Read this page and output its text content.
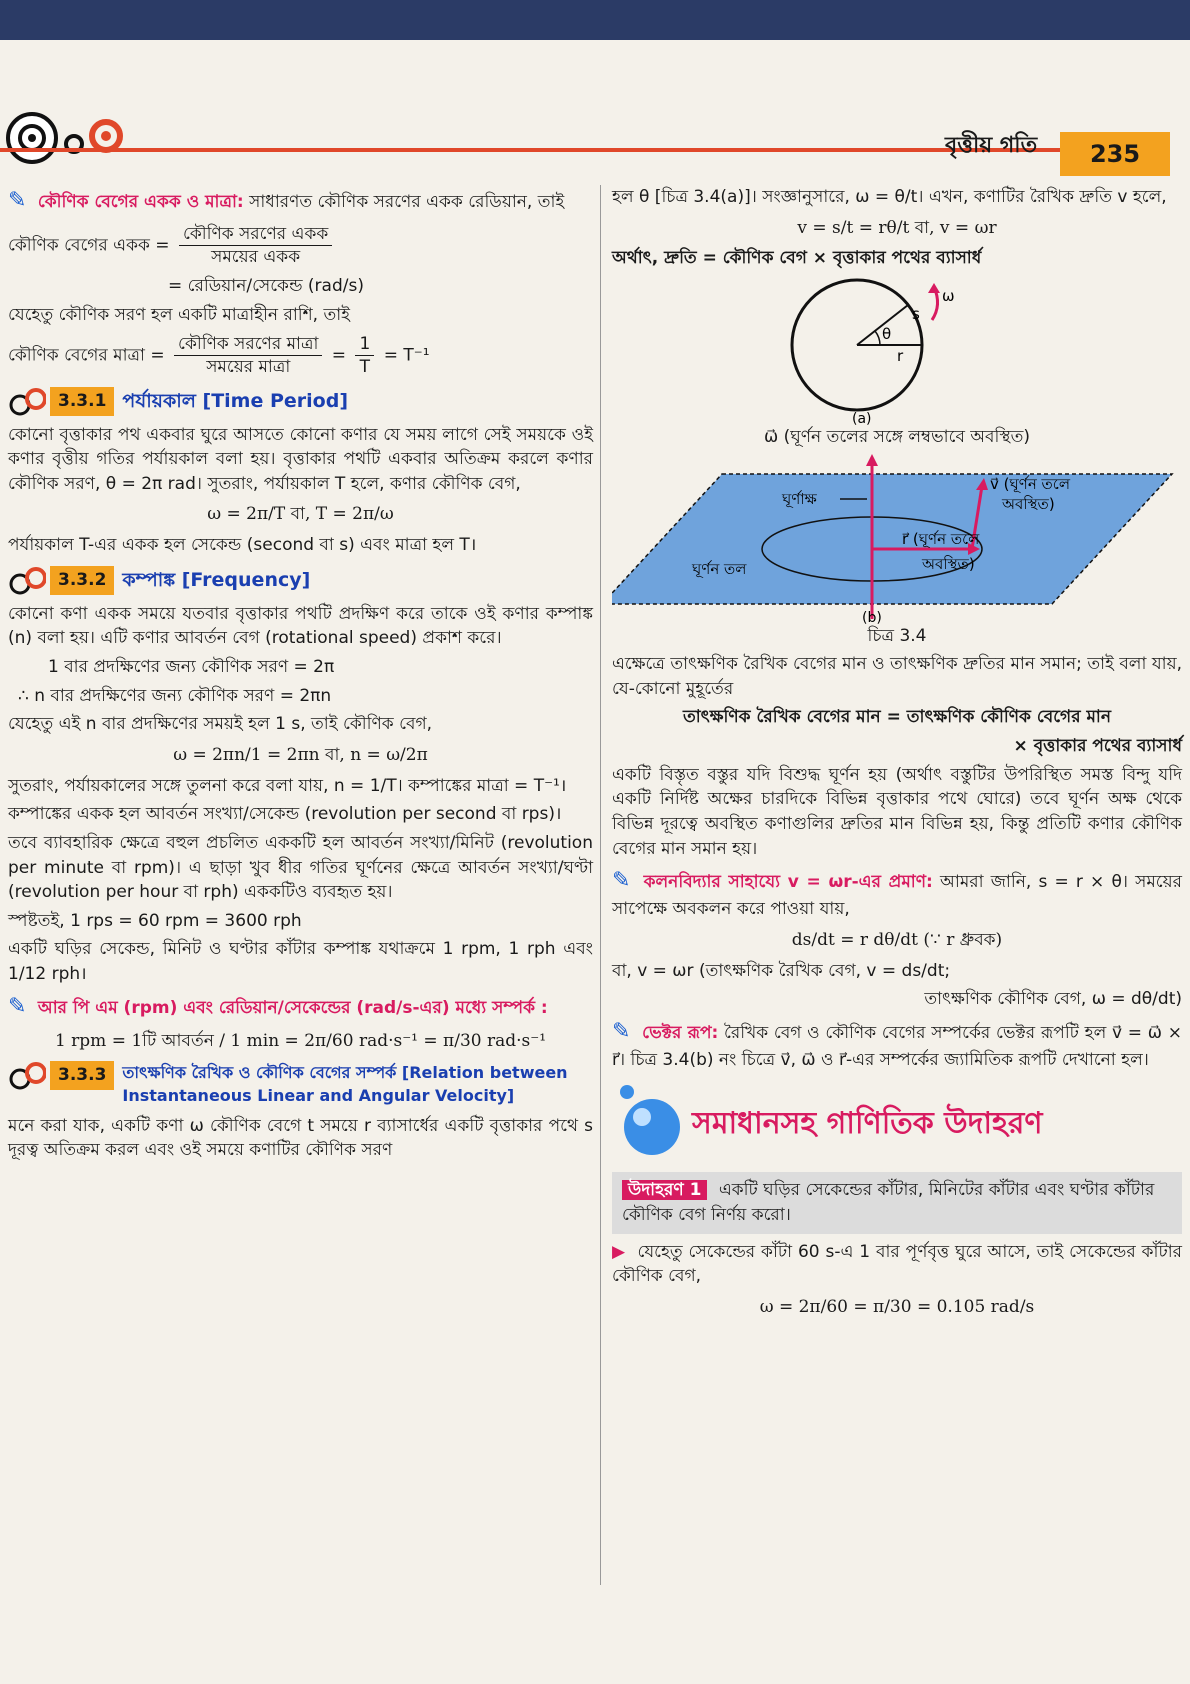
বৃত্তীয় গতি	235

✎ কৌণিক বেগের একক ও মাত্রা: সাধারণত কৌণিক সরণের একক রেডিয়ান, তাই

কৌণিক বেগের একক = $\frac{\text{কৌণিক সরণের একক}}{\text{সময়ের একক}}$

= রেডিয়ান/সেকেন্ড (rad/s)

যেহেতু কৌণিক সরণ হল একটি মাত্রাহীন রাশি, তাই

কৌণিক বেগের মাত্রা = $\frac{\text{কৌণিক সরণের মাত্রা}}{\text{সময়ের মাত্রা}} = \frac{1}{T} = T^{-1}$
3.3.1 পর্যায়কাল [Time Period]

কোনো বৃত্তাকার পথ একবার ঘুরে আসতে কোনো কণার যে সময় লাগে সেই সময়কে ওই কণার বৃত্তীয় গতির পর্যায়কাল বলা হয়। বৃত্তাকার পথটি একবার অতিক্রম করলে কণার কৌণিক সরণ, θ = 2π rad। সুতরাং, পর্যায়কাল T হলে, কণার কৌণিক বেগ,

ω = 2π/T বা, T = 2π/ω

পর্যায়কাল T-এর একক হল সেকেন্ড (second বা s) এবং মাত্রা হল T।

3.3.2 কম্পাঙ্ক [Frequency]

কোনো কণা একক সময়ে যতবার বৃত্তাকার পথটি প্রদক্ষিণ করে তাকে ওই কণার কম্পাঙ্ক (n) বলা হয়। এটি কণার আবর্তন বেগ (rotational speed) প্রকাশ করে।

1 বার প্রদক্ষিণের জন্য কৌণিক সরণ = 2π

∴ n বার প্রদক্ষিণের জন্য কৌণিক সরণ = 2πn

যেহেতু এই n বার প্রদক্ষিণের সময়ই হল 1 s, তাই কৌণিক বেগ,

ω = 2πn/1 = 2πn বা, n = ω/2π

সুতরাং, পর্যায়কালের সঙ্গে তুলনা করে বলা যায়, n = 1/T। কম্পাঙ্কের মাত্রা = T⁻¹।

কম্পাঙ্কের একক হল আবর্তন সংখ্যা/সেকেন্ড (revolution per second বা rps)।

তবে ব্যাবহারিক ক্ষেত্রে বহুল প্রচলিত এককটি হল আবর্তন সংখ্যা/মিনিট (revolution per minute বা rpm)। এ ছাড়া খুব ধীর গতির ঘূর্ণনের ক্ষেত্রে আবর্তন সংখ্যা/ঘণ্টা (revolution per hour বা rph) এককটিও ব্যবহৃত হয়।

স্পষ্টতই, 1 rps = 60 rpm = 3600 rph

একটি ঘড়ির সেকেন্ড, মিনিট ও ঘণ্টার কাঁটার কম্পাঙ্ক যথাক্রমে 1 rpm, 1 rph এবং 1/12 rph।

✎ আর পি এম (rpm) এবং রেডিয়ান/সেকেন্ডের (rad/s-এর) মধ্যে সম্পর্ক :

1 rpm = 1টি আবর্তন / 1 min = 2π/60 rad·s⁻¹ = π/30 rad·s⁻¹

3.3.3	তাৎক্ষণিক রৈখিক ও কৌণিক বেগের সম্পর্ক [Relation between Instantaneous Linear and Angular Velocity]

মনে করা যাক, একটি কণা ω কৌণিক বেগে t সময়ে r ব্যাসার্ধের একটি বৃত্তাকার পথে s দূরত্ব অতিক্রম করল এবং ওই সময়ে কণাটির কৌণিক সরণ

হল θ [চিত্র 3.4(a)]। সংজ্ঞানুসারে, ω = θ/t। এখন, কণাটির রৈখিক দ্রুতি v হলে,

v = s/t = rθ/t বা, v = ωr

অর্থাৎ, দ্রুতি = কৌণিক বেগ × বৃত্তাকার পথের ব্যাসার্ধ

θ
s
r
ω
(a)

ω⃗ (ঘূর্ণন তলের সঙ্গে লম্বভাবে অবস্থিত)

ঘূর্ণাক্ষ
v⃗ (ঘূর্ণন তলে
অবস্থিত)
r⃗ (ঘূর্ণন তলে
অবস্থিত)
ঘূর্ণন তল
(b)

চিত্র 3.4

এক্ষেত্রে তাৎক্ষণিক রৈখিক বেগের মান ও তাৎক্ষণিক দ্রুতির মান সমান; তাই বলা যায়, যে-কোনো মুহূর্তের

তাৎক্ষণিক রৈখিক বেগের মান = তাৎক্ষণিক কৌণিক বেগের মান

× বৃত্তাকার পথের ব্যাসার্ধ

একটি বিস্তৃত বস্তুর যদি বিশুদ্ধ ঘূর্ণন হয় (অর্থাৎ বস্তুটির উপরিস্থিত সমস্ত বিন্দু যদি একটি নির্দিষ্ট অক্ষের চারদিকে বিভিন্ন বৃত্তাকার পথে ঘোরে) তবে ঘূর্ণন অক্ষ থেকে বিভিন্ন দূরত্বে অবস্থিত কণাগুলির দ্রুতির মান বিভিন্ন হয়, কিন্তু প্রতিটি কণার কৌণিক বেগের মান সমান হয়।

✎ কলনবিদ্যার সাহায্যে v = ωr-এর প্রমাণ: আমরা জানি, s = r × θ। সময়ের সাপেক্ষে অবকলন করে পাওয়া যায়,

ds/dt = r dθ/dt (∵ r ধ্রুবক)

বা, v = ωr (তাৎক্ষণিক রৈখিক বেগ, v = ds/dt;

তাৎক্ষণিক কৌণিক বেগ, ω = dθ/dt)

✎ ভেক্টর রূপ: রৈখিক বেগ ও কৌণিক বেগের সম্পর্কের ভেক্টর রূপটি হল v⃗ = ω⃗ × r⃗। চিত্র 3.4(b) নং চিত্রে v⃗, ω⃗ ও r⃗-এর সম্পর্কের জ্যামিতিক রূপটি দেখানো হল।

সমাধানসহ গাণিতিক উদাহরণ
উদাহরণ 1 একটি ঘড়ির সেকেন্ডের কাঁটার, মিনিটের কাঁটার এবং ঘণ্টার কাঁটার কৌণিক বেগ নির্ণয় করো।

▶ যেহেতু সেকেন্ডের কাঁটা 60 s-এ 1 বার পূর্ণবৃত্ত ঘুরে আসে, তাই সেকেন্ডের কাঁটার কৌণিক বেগ,

ω = 2π/60 = π/30 = 0.105 rad/s
